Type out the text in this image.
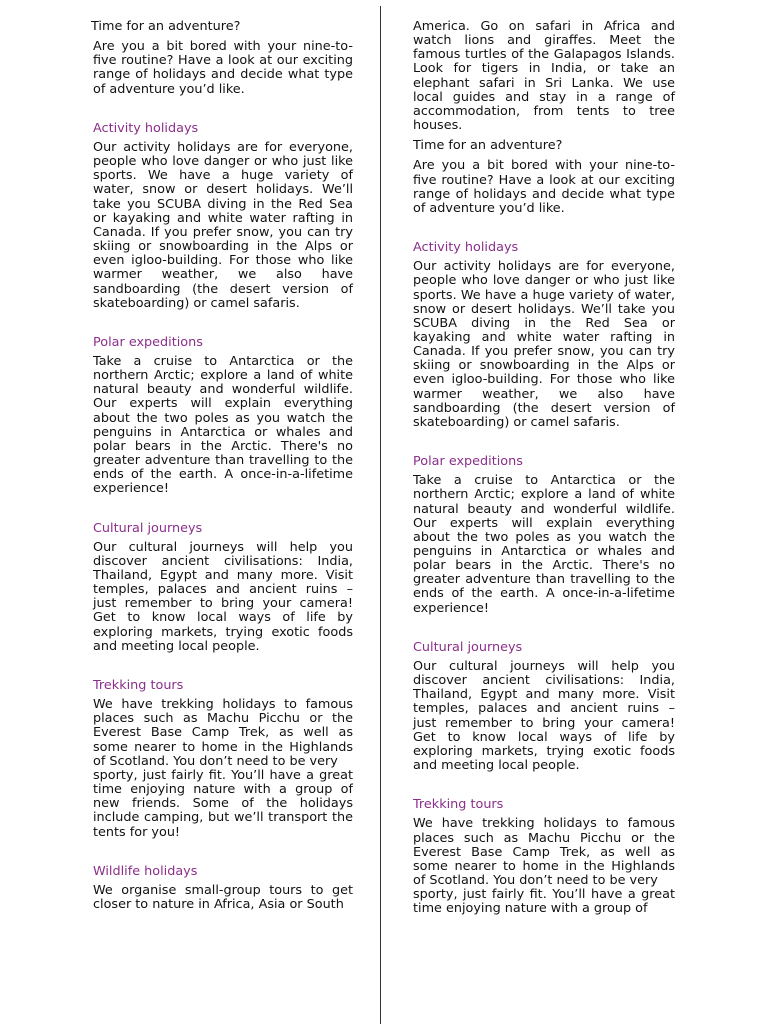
Time for an adventure?

Are you a bit bored with your nine-to-five routine? Have a look at our exciting range of holidays and decide what type of adventure you’d like.

Activity holidays

Our activity holidays are for everyone, people who love danger or who just like sports. We have a huge variety of water, snow or desert holidays. We’ll take you SCUBA diving in the Red Sea or kayaking and white water rafting in Canada. If you prefer snow, you can try skiing or snowboarding in the Alps or even igloo-building. For those who like warmer weather, we also have sandboarding (the desert version of skateboarding) or camel safaris.

Polar expeditions

Take a cruise to Antarctica or the northern Arctic; explore a land of white natural beauty and wonderful wildlife. Our experts will explain everything about the two poles as you watch the penguins in Antarctica or whales and polar bears in the Arctic. There's no greater adventure than travelling to the ends of the earth. A once-in-a-lifetime experience!

Cultural journeys

Our cultural journeys will help you discover ancient civilisations: India, Thailand, Egypt and many more. Visit temples, palaces and ancient ruins – just remember to bring your camera! Get to know local ways of life by exploring markets, trying exotic foods and meeting local people.

Trekking tours

We have trekking holidays to famous places such as Machu Picchu or the Everest Base Camp Trek, as well as some nearer to home in the Highlands of Scotland. You don’t need to be very

sporty, just fairly fit. You’ll have a great time enjoying nature with a group of new friends. Some of the holidays include camping, but we’ll transport the tents for you!

Wildlife holidays

We organise small-group tours to get closer to nature in Africa, Asia or South

America. Go on safari in Africa and watch lions and giraffes. Meet the famous turtles of the Galapagos Islands. Look for tigers in India, or take an elephant safari in Sri Lanka. We use local guides and stay in a range of accommodation, from tents to tree houses.

Time for an adventure?

Are you a bit bored with your nine-to-five routine? Have a look at our exciting range of holidays and decide what type of adventure you’d like.

Activity holidays

Our activity holidays are for everyone, people who love danger or who just like sports. We have a huge variety of water, snow or desert holidays. We’ll take you SCUBA diving in the Red Sea or kayaking and white water rafting in Canada. If you prefer snow, you can try skiing or snowboarding in the Alps or even igloo-building. For those who like warmer weather, we also have sandboarding (the desert version of skateboarding) or camel safaris.

Polar expeditions

Take a cruise to Antarctica or the northern Arctic; explore a land of white natural beauty and wonderful wildlife. Our experts will explain everything about the two poles as you watch the penguins in Antarctica or whales and polar bears in the Arctic. There's no greater adventure than travelling to the ends of the earth. A once-in-a-lifetime experience!

Cultural journeys

Our cultural journeys will help you discover ancient civilisations: India, Thailand, Egypt and many more. Visit temples, palaces and ancient ruins – just remember to bring your camera! Get to know local ways of life by exploring markets, trying exotic foods and meeting local people.

Trekking tours

We have trekking holidays to famous places such as Machu Picchu or the Everest Base Camp Trek, as well as some nearer to home in the Highlands of Scotland. You don’t need to be very

sporty, just fairly fit. You’ll have a great time enjoying nature with a group of
